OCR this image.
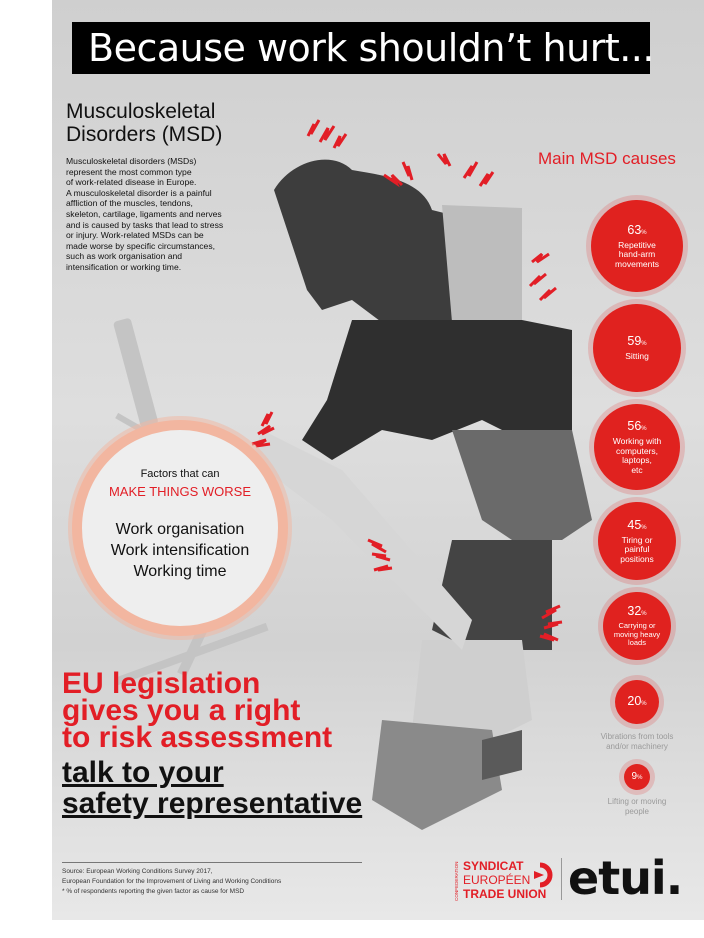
Because work shouldn’t hurt...
Musculoskeletal
Disorders (MSD)
Musculoskeletal disorders (MSDs)
represent the most common type
of work-related disease in Europe.
A musculoskeletal disorder is a painful
affliction of the muscles, tendons,
skeleton, cartilage, ligaments and nerves
and is caused by tasks that lead to stress
or injury. Work-related MSDs can be
made worse by specific circumstances,
such as work organisation and
intensification or working time.
Main MSD causes
63%
Repetitive
hand-arm
movements
59%
Sitting
56%
Working with
computers,
laptops,
etc
45%
Tiring or
painful
positions
32%
Carrying or
moving heavy
loads
20%
Vibrations from tools
and/or machinery
9%
Lifting or moving
people
Factors that can
MAKE THINGS WORSE
Work organisation
Work intensification
Working time
EU legislation
gives you a right
to risk assessment
talk to your
safety representative
Source: European Working Conditions Survey 2017,
European Foundation for the Improvement of Living and Working Conditions
* % of respondents reporting the given factor as cause for MSD	CONFEDERATION SYNDICAT
EUROPÉEN
TRADE UNION etui.
